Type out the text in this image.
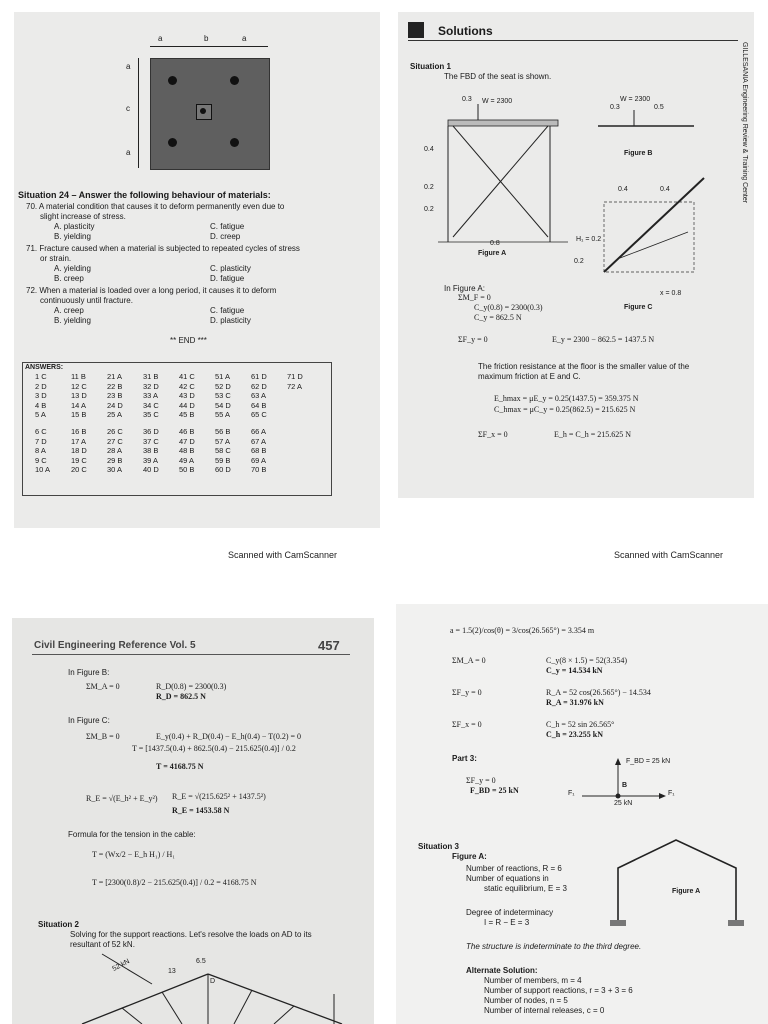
a	b	a
a
c
a
Situation 24 – Answer the following behaviour of materials:
70. A material condition that causes it to deform permanently even due to
slight increase of stress.
A. plasticity	C. fatigue
B. yielding	D. creep
71. Fracture caused when a material is subjected to repeated cycles of stress
or strain.
A. yielding	C. plasticity
B. creep	D. fatigue
72. When a material is loaded over a long period, it causes it to deform
continuously until fracture.
A. creep	C. fatigue
B. yielding	D. plasticity
** END ***
ANSWERS:
1 C	11 B	21 A	31 B	41 C	51 A	61 D	71 D
2 D	12 C	22 B	32 D	42 C	52 D	62 D	72 A
3 D	13 D	23 B	33 A	43 D	53 C	63 A
4 B	14 A	24 D	34 C	44 D	54 D	64 B
5 A	15 B	25 A	35 C	45 B	55 A	65 C
6 C	16 B	26 C	36 D	46 B	56 B	66 A
7 D	17 A	27 C	37 C	47 D	57 A	67 A
8 A	18 D	28 A	38 B	48 B	58 C	68 B
9 C	19 C	29 B	39 A	49 A	59 B	69 A
10 A	20 C	30 A	40 D	50 B	60 D	70 B
Solutions
GILLESANIA Engineering Review & Training Center
Situation 1
The FBD of the seat is shown.
W = 2300
0.3
0.4
0.2
0.2
0.8
Figure A
W = 2300
0.3	0.5
Figure B
0.4	0.4
H₁ = 0.2
0.2
x = 0.8
Figure C
In Figure A:
ΣM_F = 0
C_y(0.8) = 2300(0.3)
C_y = 862.5 N
ΣF_y = 0	E_y = 2300 − 862.5 = 1437.5 N
The friction resistance at the floor is the smaller value of the
maximum friction at E and C.
E_hmax = μE_y = 0.25(1437.5) = 359.375 N
C_hmax = μC_y = 0.25(862.5) = 215.625 N
ΣF_x = 0	E_h = C_h = 215.625 N
Scanned with CamScanner	Scanned with CamScanner
Civil Engineering Reference Vol. 5	457
In Figure B:
ΣM_A = 0	R_D(0.8) = 2300(0.3)
R_D = 862.5 N
In Figure C:
ΣM_B = 0	E_y(0.4) + R_D(0.4) − E_h(0.4) − T(0.2) = 0
T = [1437.5(0.4) + 862.5(0.4) − 215.625(0.4)] / 0.2
T = 4168.75 N
R_E = √(E_h² + E_y²) R_E = √(215.625² + 1437.5²)
R_E = 1453.58 N
Formula for the tension in the cable:
T = (Wx/2 − E_h H₁) / H₁
T = [2300(0.8)/2 − 215.625(0.4)] / 0.2 = 4168.75 N
Situation 2
Solving for the support reactions. Let's resolve the loads on AD to its
resultant of 52 kN.
52 kN	13
6.5
D
a = 1.5(2)/cos(θ) = 3/cos(26.565°) = 3.354 m
ΣM_A = 0	C_y(8 × 1.5) = 52(3.354)
C_y = 14.534 kN
ΣF_y = 0	R_A = 52 cos(26.565°) − 14.534
R_A = 31.976 kN
ΣF_x = 0	C_h = 52 sin 26.565°
C_h = 23.255 kN
Part 3:
ΣF_y = 0
F_BD = 25 kN
F_BD = 25 kN
B
F₁	F₁
25 kN
Situation 3
Figure A:
Number of reactions, R = 6
Number of equations in
static equilibrium, E = 3
Degree of indeterminacy
I = R − E = 3
The structure is indeterminate to the third degree.
Figure A
Alternate Solution:
Number of members, m = 4
Number of support reactions, r = 3 + 3 = 6
Number of nodes, n = 5
Number of internal releases, c = 0
